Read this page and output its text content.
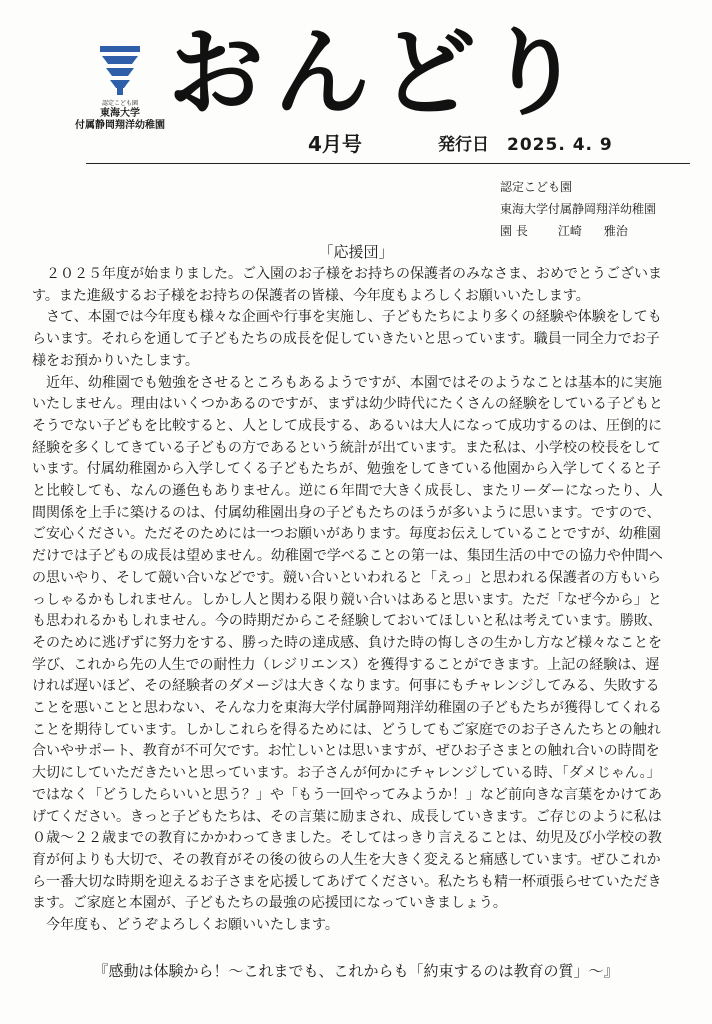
認定こども園
東海大学
付属静岡翔洋幼稚園 おんどり
4月号	発行日 2025. 4. 9
認定こども園
東海大学付属静岡翔洋幼稚園
園 長	江崎 雅治
「応援団」

　２０２５年度が始まりました。ご入園のお子様をお持ちの保護者のみなさま、おめでとうございま
す。また進級するお子様をお持ちの保護者の皆様、今年度もよろしくお願いいたします。

　さて、本園では今年度も様々な企画や行事を実施し、子どもたちにより多くの経験や体験をしても
らいます。それらを通して子どもたちの成長を促していきたいと思っています。職員一同全力でお子
様をお預かりいたします。

　近年、幼稚園でも勉強をさせるところもあるようですが、本園ではそのようなことは基本的に実施
いたしません。理由はいくつかあるのですが、まずは幼少時代にたくさんの経験をしている子どもと
そうでない子どもを比較すると、人として成長する、あるいは大人になって成功するのは、圧倒的に
経験を多くしてきている子どもの方であるという統計が出ています。また私は、小学校の校長をして
います。付属幼稚園から入学してくる子どもたちが、勉強をしてきている他園から入学してくると子
と比較しても、なんの遜色もありません。逆に６年間で大きく成長し、またリーダーになったり、人
間関係を上手に築けるのは、付属幼稚園出身の子どもたちのほうが多いように思います。ですので、
ご安心ください。ただそのためには一つお願いがあります。毎度お伝えしていることですが、幼稚園
だけでは子どもの成長は望めません。幼稚園で学べることの第一は、集団生活の中での協力や仲間へ
の思いやり、そして競い合いなどです。競い合いといわれると「えっ」と思われる保護者の方もいら
っしゃるかもしれません。しかし人と関わる限り競い合いはあると思います。ただ「なぜ今から」と
も思われるかもしれません。今の時期だからこそ経験しておいてほしいと私は考えています。勝敗、
そのために逃げずに努力をする、勝った時の達成感、負けた時の悔しさの生かし方など様々なことを
学び、これから先の人生での耐性力（レジリエンス）を獲得することができます。上記の経験は、遅
ければ遅いほど、その経験者のダメージは大きくなります。何事にもチャレンジしてみる、失敗する
ことを悪いことと思わない、そんな力を東海大学付属静岡翔洋幼稚園の子どもたちが獲得してくれる
ことを期待しています。しかしこれらを得るためには、どうしてもご家庭でのお子さんたちとの触れ
合いやサポート、教育が不可欠です。お忙しいとは思いますが、ぜひお子さまとの触れ合いの時間を
大切にしていただきたいと思っています。お子さんが何かにチャレンジしている時、「ダメじゃん。」
ではなく「どうしたらいいと思う？」や「もう一回やってみようか！」など前向きな言葉をかけてあ
げてください。きっと子どもたちは、その言葉に励まされ、成長していきます。ご存じのように私は
０歳～２２歳までの教育にかかわってきました。そしてはっきり言えることは、幼児及び小学校の教
育が何よりも大切で、その教育がその後の彼らの人生を大きく変えると痛感しています。ぜひこれか
ら一番大切な時期を迎えるお子さまを応援してあげてください。私たちも精一杯頑張らせていただき
ます。ご家庭と本園が、子どもたちの最強の応援団になっていきましょう。

　今年度も、どうぞよろしくお願いいたします。

『感動は体験から！～これまでも、これからも「約束するのは教育の質」～』
